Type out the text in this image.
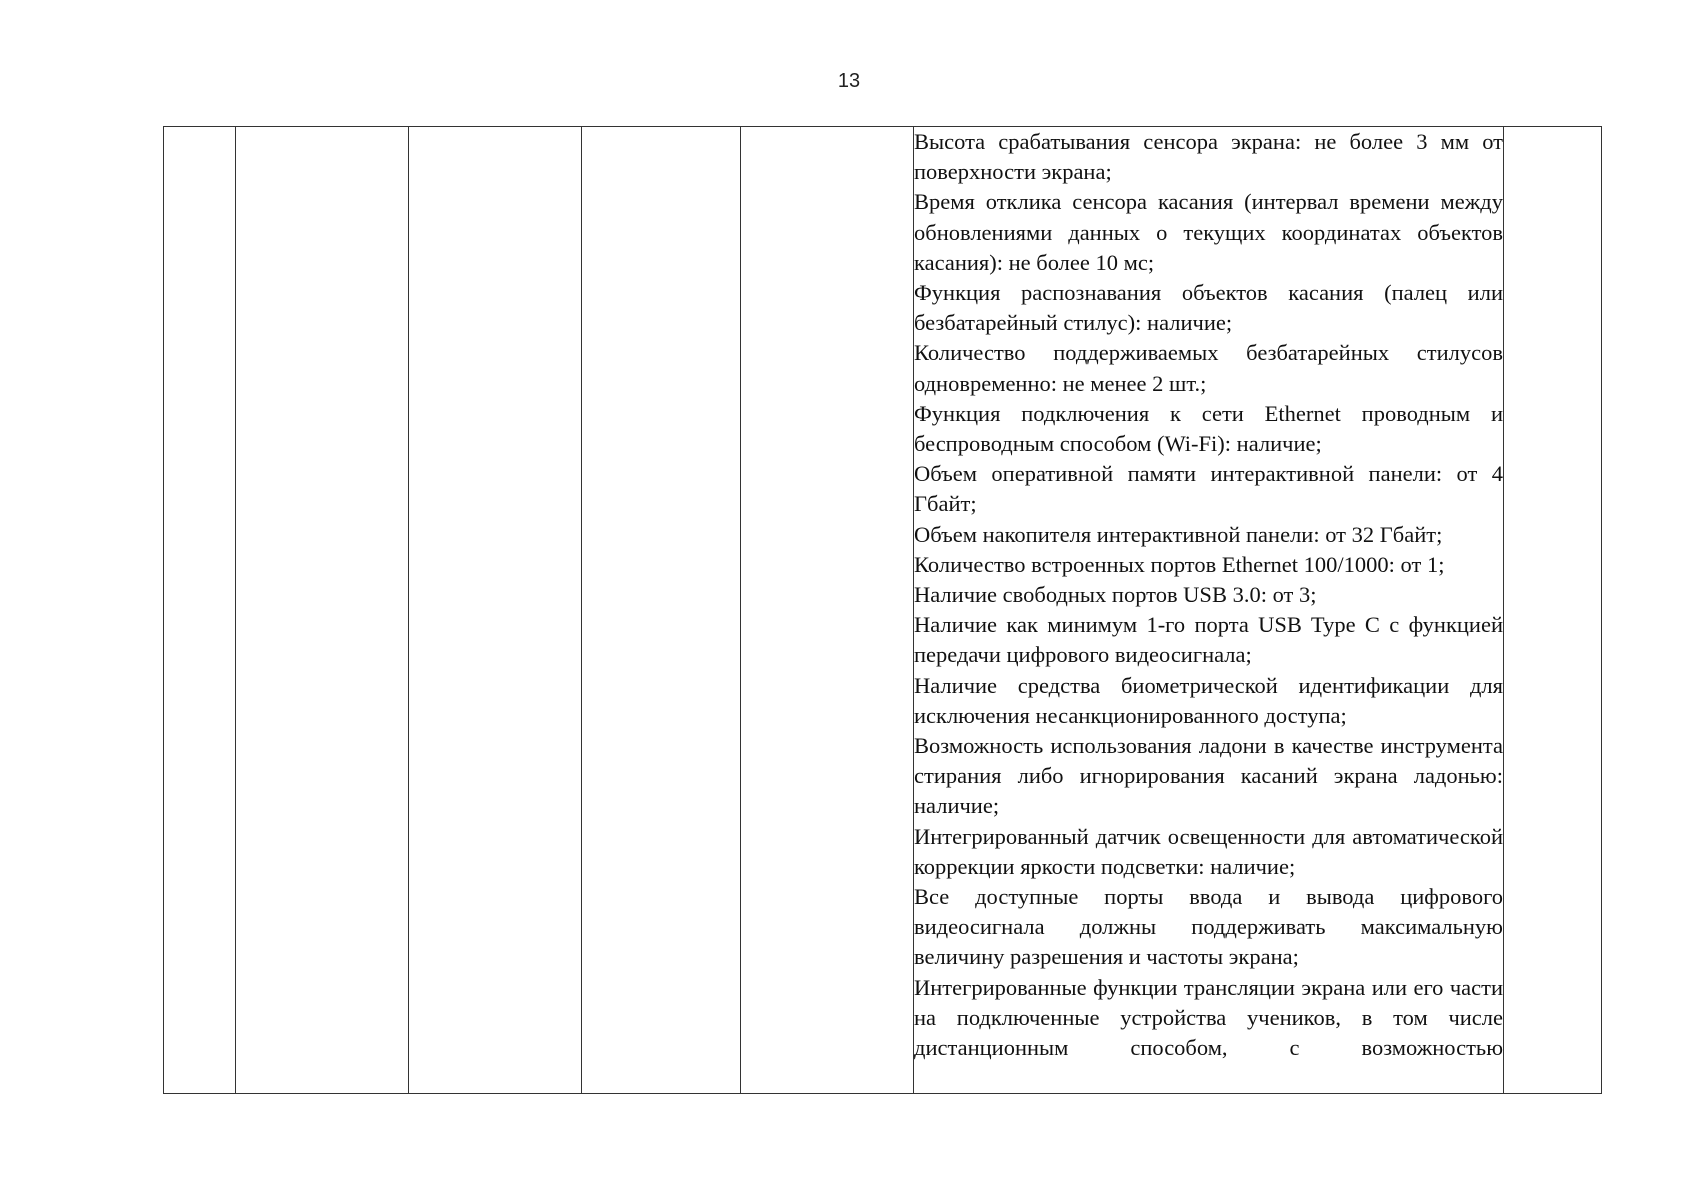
13

Высота срабатывания сенсора экрана: не более 3 мм от поверхности экрана;

Время отклика сенсора касания (интервал времени между обновлениями данных о текущих координатах объектов касания): не более 10 мс;

Функция распознавания объектов касания (палец или безбатарейный стилус): наличие;

Количество поддерживаемых безбатарейных стилусов одновременно: не менее 2 шт.;

Функция подключения к сети Ethernet проводным и беспроводным способом (Wi-Fi): наличие;

Объем оперативной памяти интерактивной панели: от 4 Гбайт;

Объем накопителя интерактивной панели: от 32 Гбайт;

Количество встроенных портов Ethernet 100/1000: от 1;

Наличие свободных портов USB 3.0: от 3;

Наличие как минимум 1-го порта USB Type C с функцией передачи цифрового видеосигнала;

Наличие средства биометрической идентификации для исключения несанкционированного доступа;

Возможность использования ладони в качестве инструмента стирания либо игнорирования касаний экрана ладонью: наличие;

Интегрированный датчик освещенности для автоматической коррекции яркости подсветки: наличие;

Все доступные порты ввода и вывода цифрового видеосигнала должны поддерживать максимальную величину разрешения и частоты экрана;

Интегрированные функции трансляции экрана или его части на подключенные устройства учеников, в том числе дистанционным способом, с возможностью
